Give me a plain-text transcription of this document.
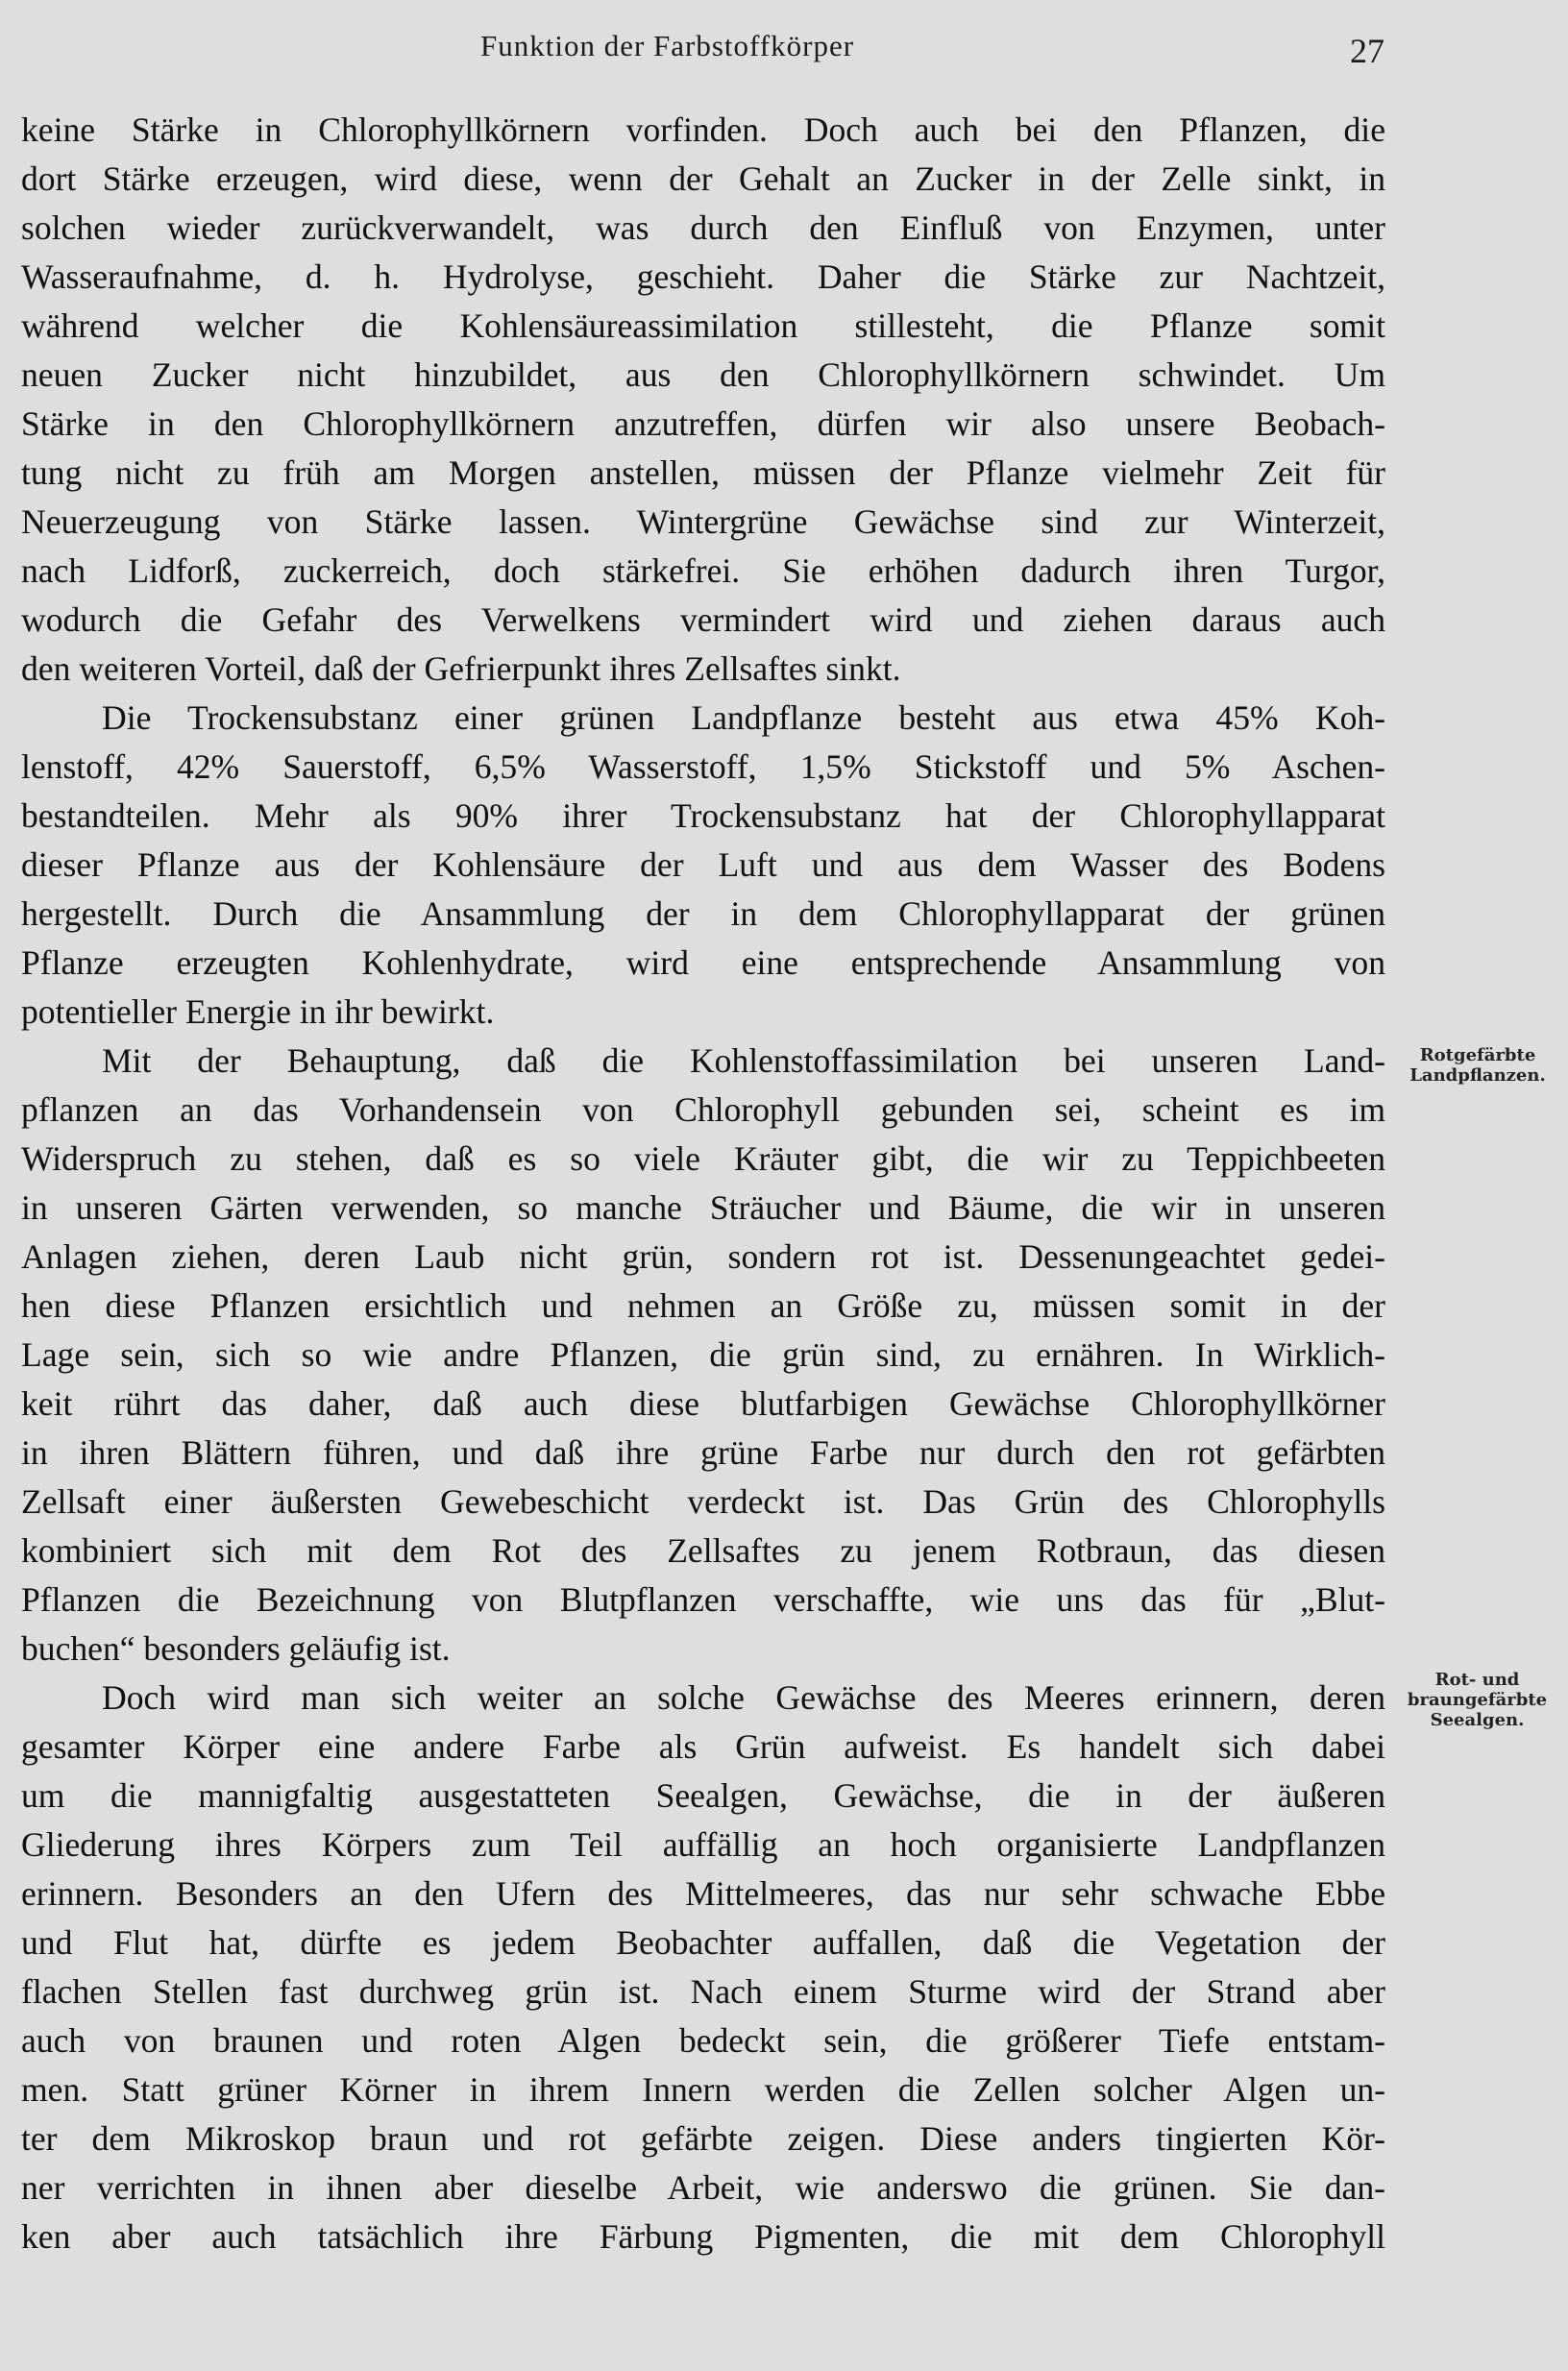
Funktion der Farbstoffkörper	27
keine Stärke in Chlorophyllkörnern vorfinden. Doch auch bei den Pflanzen, die
dort Stärke erzeugen, wird diese, wenn der Gehalt an Zucker in der Zelle sinkt, in
solchen wieder zurückverwandelt, was durch den Einfluß von Enzymen, unter
Wasseraufnahme, d. h. Hydrolyse, geschieht. Daher die Stärke zur Nachtzeit,
während welcher die Kohlensäureassimilation stillesteht, die Pflanze somit
neuen Zucker nicht hinzubildet, aus den Chlorophyllkörnern schwindet. Um
Stärke in den Chlorophyllkörnern anzutreffen, dürfen wir also unsere Beobach-
tung nicht zu früh am Morgen anstellen, müssen der Pflanze vielmehr Zeit für
Neuerzeugung von Stärke lassen. Wintergrüne Gewächse sind zur Winterzeit,
nach Lidforß, zuckerreich, doch stärkefrei. Sie erhöhen dadurch ihren Turgor,
wodurch die Gefahr des Verwelkens vermindert wird und ziehen daraus auch
den weiteren Vorteil, daß der Gefrierpunkt ihres Zellsaftes sinkt.
Die Trockensubstanz einer grünen Landpflanze besteht aus etwa 45% Koh-
lenstoff, 42% Sauerstoff, 6,5% Wasserstoff, 1,5% Stickstoff und 5% Aschen-
bestandteilen. Mehr als 90% ihrer Trockensubstanz hat der Chlorophyllapparat
dieser Pflanze aus der Kohlensäure der Luft und aus dem Wasser des Bodens
hergestellt. Durch die Ansammlung der in dem Chlorophyllapparat der grünen
Pflanze erzeugten Kohlenhydrate, wird eine entsprechende Ansammlung von
potentieller Energie in ihr bewirkt.
Mit der Behauptung, daß die Kohlenstoffassimilation bei unseren Land-
pflanzen an das Vorhandensein von Chlorophyll gebunden sei, scheint es im
Widerspruch zu stehen, daß es so viele Kräuter gibt, die wir zu Teppichbeeten
in unseren Gärten verwenden, so manche Sträucher und Bäume, die wir in unseren
Anlagen ziehen, deren Laub nicht grün, sondern rot ist. Dessenungeachtet gedei-
hen diese Pflanzen ersichtlich und nehmen an Größe zu, müssen somit in der
Lage sein, sich so wie andre Pflanzen, die grün sind, zu ernähren. In Wirklich-
keit rührt das daher, daß auch diese blutfarbigen Gewächse Chlorophyllkörner
in ihren Blättern führen, und daß ihre grüne Farbe nur durch den rot gefärbten
Zellsaft einer äußersten Gewebeschicht verdeckt ist. Das Grün des Chlorophylls
kombiniert sich mit dem Rot des Zellsaftes zu jenem Rotbraun, das diesen
Pflanzen die Bezeichnung von Blutpflanzen verschaffte, wie uns das für „Blut-
buchen“ besonders geläufig ist.
Doch wird man sich weiter an solche Gewächse des Meeres erinnern, deren
gesamter Körper eine andere Farbe als Grün aufweist. Es handelt sich dabei
um die mannigfaltig ausgestatteten Seealgen, Gewächse, die in der äußeren
Gliederung ihres Körpers zum Teil auffällig an hoch organisierte Landpflanzen
erinnern. Besonders an den Ufern des Mittelmeeres, das nur sehr schwache Ebbe
und Flut hat, dürfte es jedem Beobachter auffallen, daß die Vegetation der
flachen Stellen fast durchweg grün ist. Nach einem Sturme wird der Strand aber
auch von braunen und roten Algen bedeckt sein, die größerer Tiefe entstam-
men. Statt grüner Körner in ihrem Innern werden die Zellen solcher Algen un-
ter dem Mikroskop braun und rot gefärbte zeigen. Diese anders tingierten Kör-
ner verrichten in ihnen aber dieselbe Arbeit, wie anderswo die grünen. Sie dan-
ken aber auch tatsächlich ihre Färbung Pigmenten, die mit dem Chlorophyll
Rotgefärbte
Landpflanzen.
Rot- und
braungefärbte
Seealgen.
